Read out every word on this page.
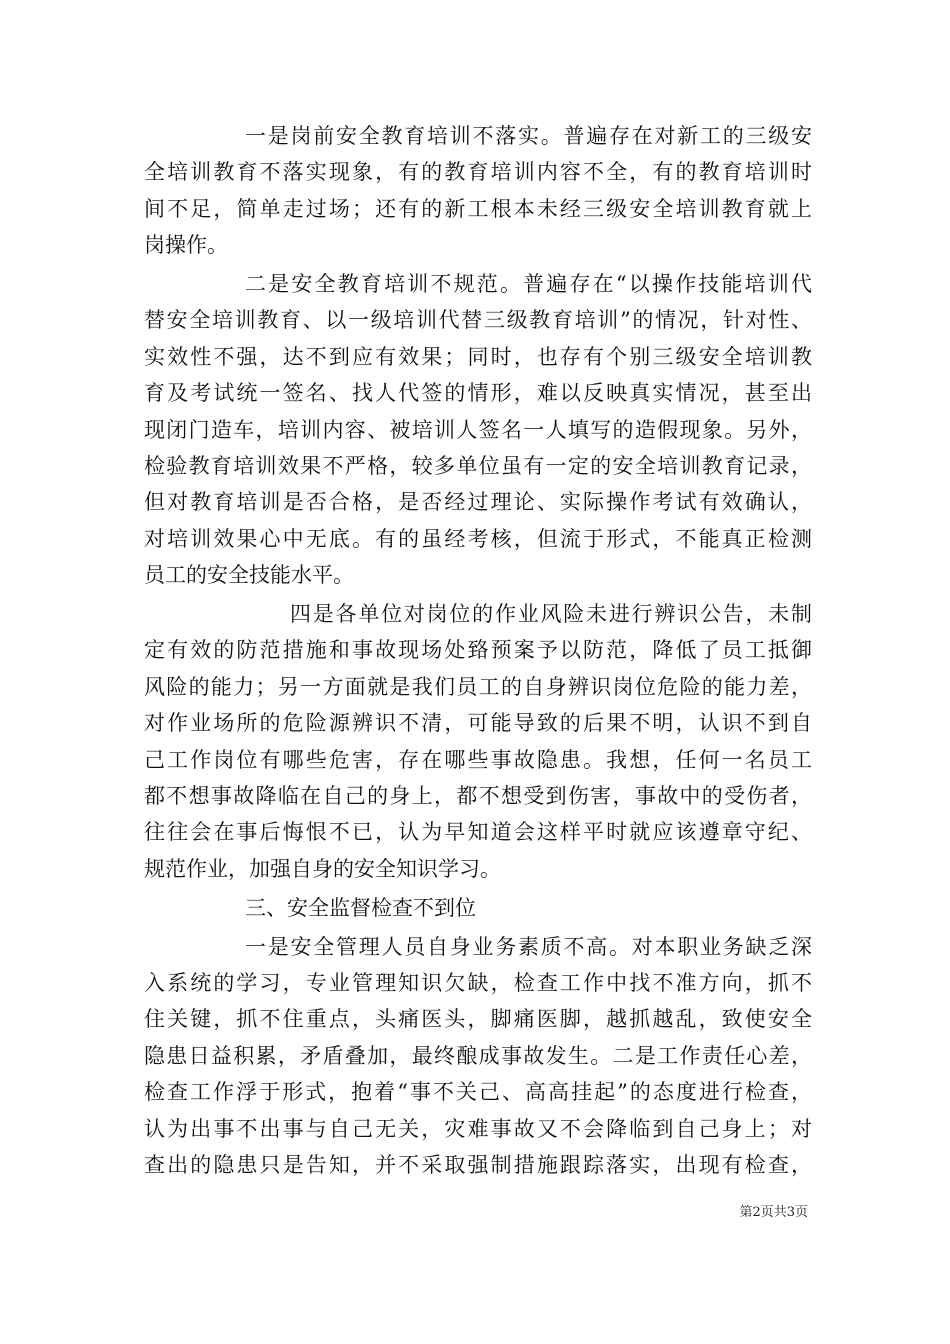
一是岗前安全教育培训不落实。普遍存在对新工的三级安
全培训教育不落实现象，有的教育培训内容不全，有的教育培训时
间不足，简单走过场；还有的新工根本未经三级安全培训教育就上
岗操作。
二是安全教育培训不规范。普遍存在“以操作技能培训代
替安全培训教育、以一级培训代替三级教育培训”的情况，针对性、
实效性不强，达不到应有效果；同时，也存有个别三级安全培训教
育及考试统一签名、找人代签的情形，难以反映真实情况，甚至出
现闭门造车，培训内容、被培训人签名一人填写的造假现象。另外，
检验教育培训效果不严格，较多单位虽有一定的安全培训教育记录，
但对教育培训是否合格，是否经过理论、实际操作考试有效确认，
对培训效果心中无底。有的虽经考核，但流于形式，不能真正检测
员工的安全技能水平。
四是各单位对岗位的作业风险未进行辨识公告，未制
定有效的防范措施和事故现场处臵预案予以防范，降低了员工抵御
风险的能力；另一方面就是我们员工的自身辨识岗位危险的能力差，
对作业场所的危险源辨识不清，可能导致的后果不明，认识不到自
己工作岗位有哪些危害，存在哪些事故隐患。我想，任何一名员工
都不想事故降临在自己的身上，都不想受到伤害，事故中的受伤者，
往往会在事后悔恨不已，认为早知道会这样平时就应该遵章守纪、
规范作业，加强自身的安全知识学习。
三、安全监督检查不到位
一是安全管理人员自身业务素质不高。对本职业务缺乏深
入系统的学习，专业管理知识欠缺，检查工作中找不准方向，抓不
住关键，抓不住重点，头痛医头，脚痛医脚，越抓越乱，致使安全
隐患日益积累，矛盾叠加，最终酿成事故发生。二是工作责任心差，
检查工作浮于形式，抱着“事不关己、高高挂起”的态度进行检查，
认为出事不出事与自己无关，灾难事故又不会降临到自己身上；对
查出的隐患只是告知，并不采取强制措施跟踪落实，出现有检查，
第2页共3页
